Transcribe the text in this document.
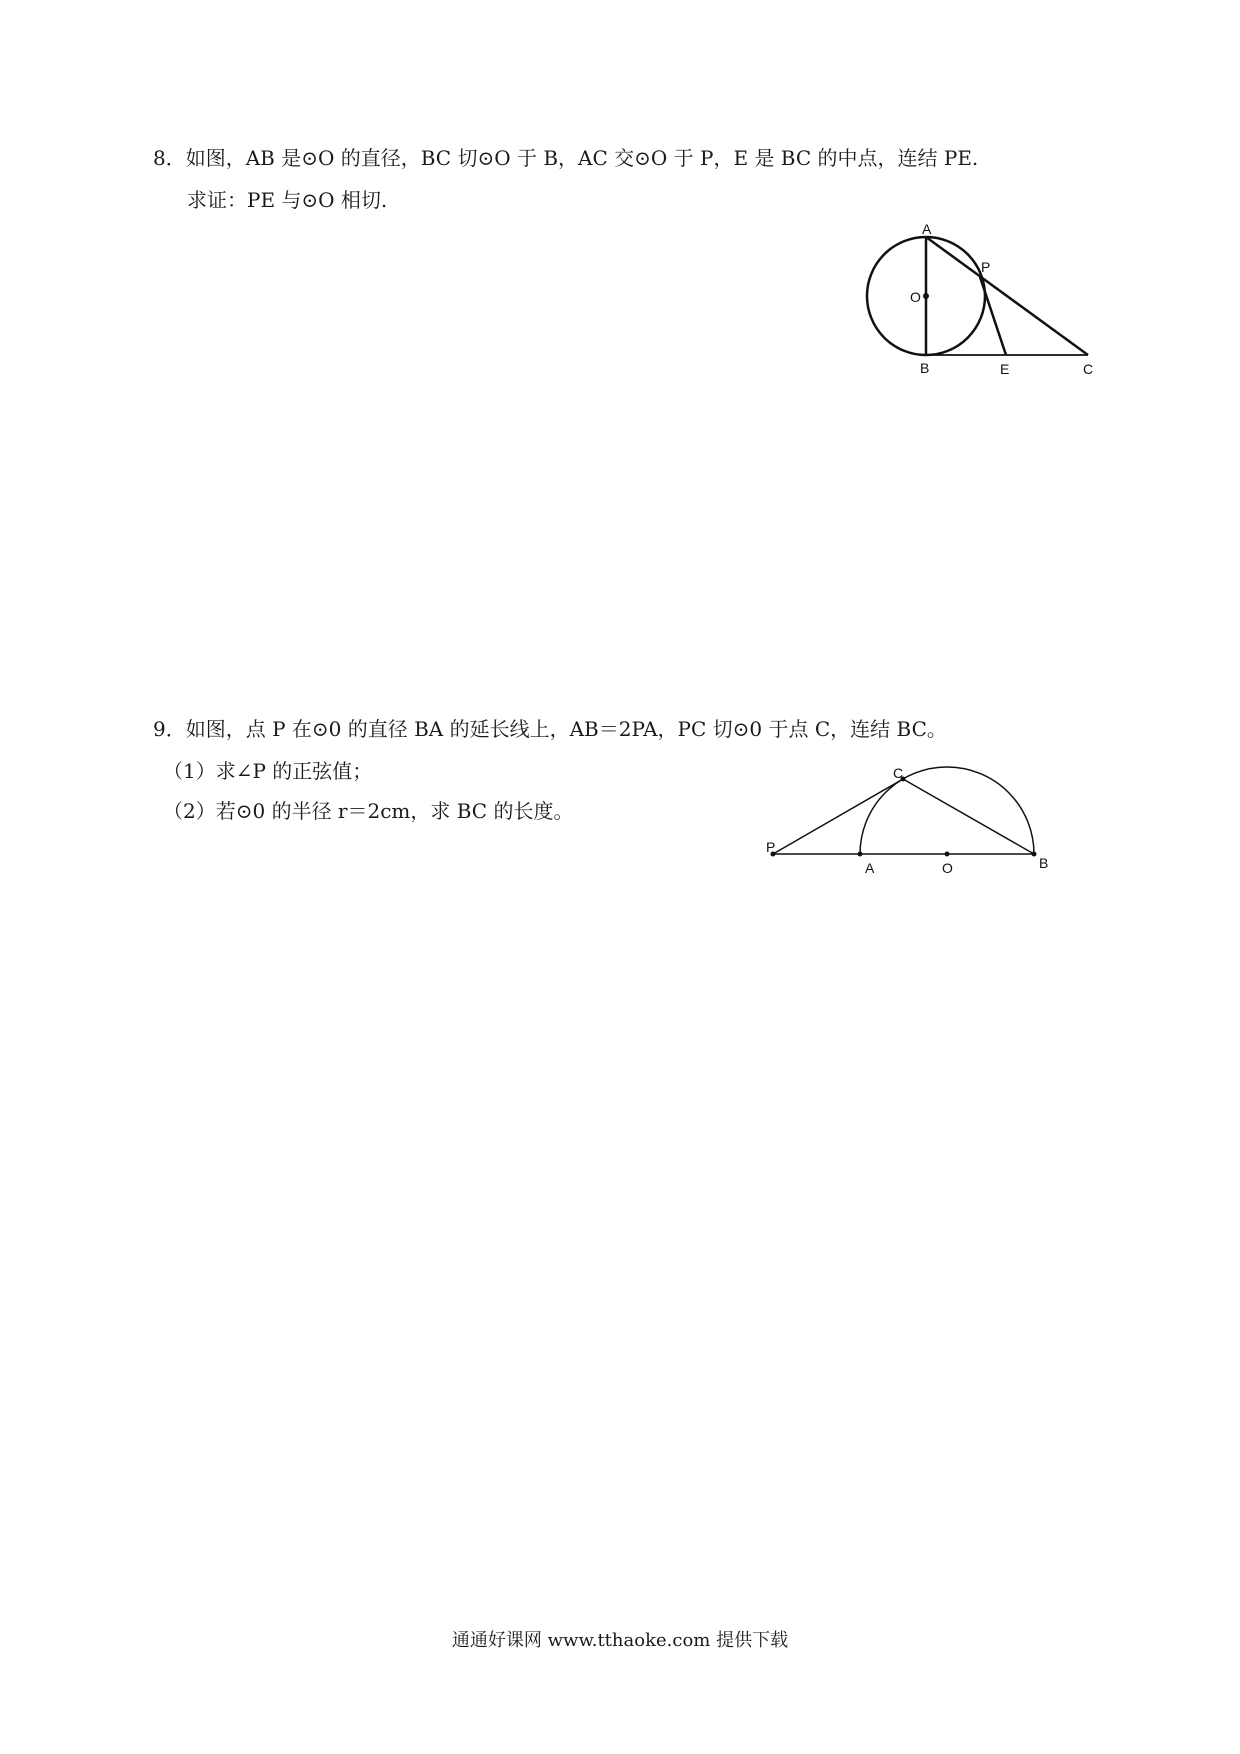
8．如图，AB 是⊙O 的直径，BC 切⊙O 于 B，AC 交⊙O 于 P，E 是 BC 的中点，连结 PE.
求证：PE 与⊙O 相切.
A
P
O
B	E	C
9．如图，点 P 在⊙0 的直径 BA 的延长线上，AB＝2PA，PC 切⊙0 于点 C，连结 BC。
（1）求∠P 的正弦值；
（2）若⊙0 的半径 r＝2cm，求 BC 的长度。
C
P
A	O	B
通通好课网 www.tthaoke.com 提供下载
